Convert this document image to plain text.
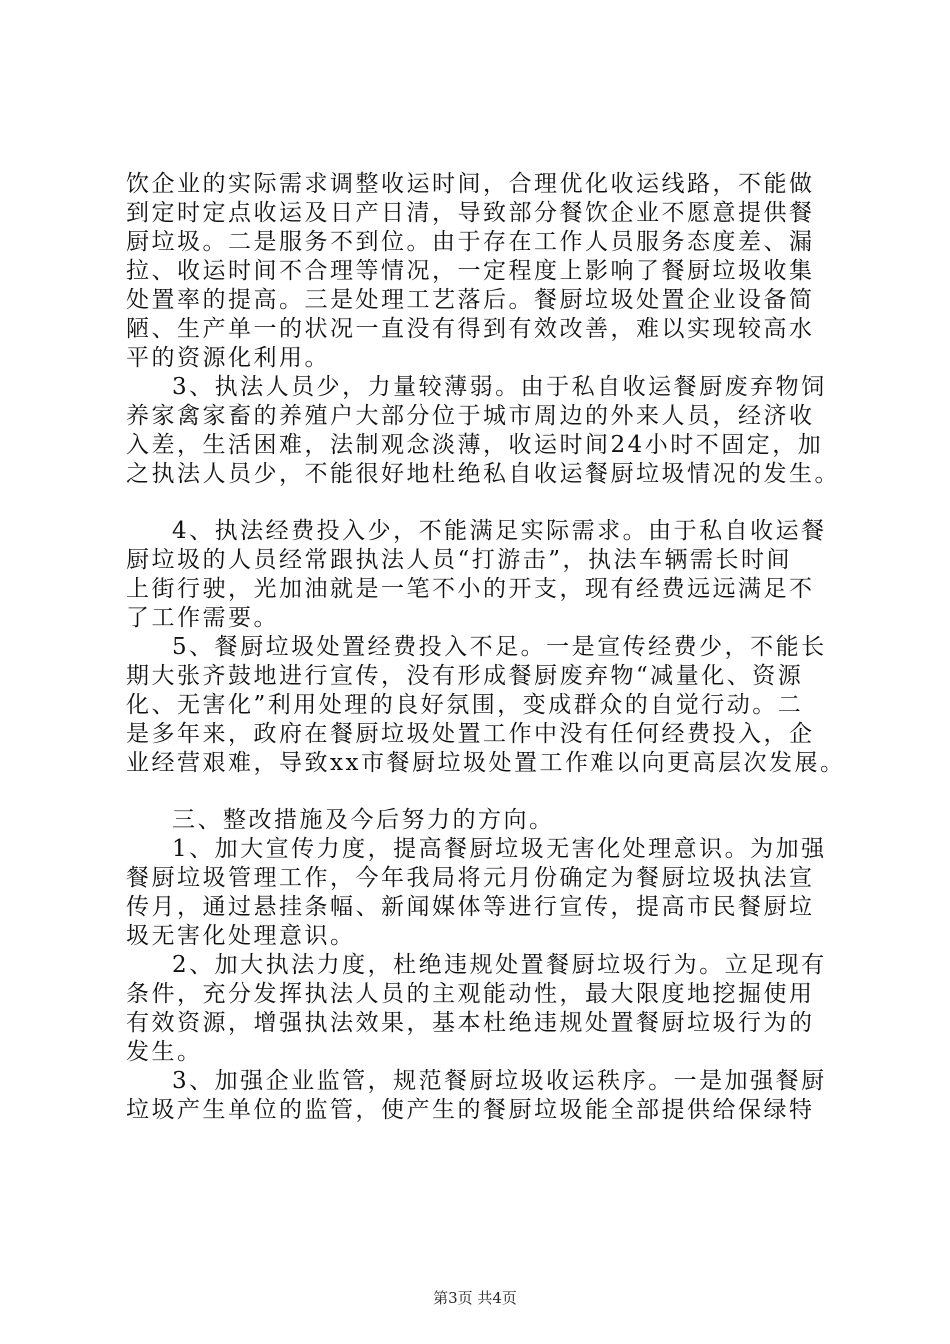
饮企业的实际需求调整收运时间，合理优化收运线路，不能做
到定时定点收运及日产日清，导致部分餐饮企业不愿意提供餐
厨垃圾。二是服务不到位。由于存在工作人员服务态度差、漏
拉、收运时间不合理等情况，一定程度上影响了餐厨垃圾收集
处置率的提高。三是处理工艺落后。餐厨垃圾处置企业设备简
陋、生产单一的状况一直没有得到有效改善，难以实现较高水
平的资源化利用。
3、执法人员少，力量较薄弱。由于私自收运餐厨废弃物饲
养家禽家畜的养殖户大部分位于城市周边的外来人员，经济收
入差，生活困难，法制观念淡薄，收运时间24小时不固定，加
之执法人员少，不能很好地杜绝私自收运餐厨垃圾情况的发生。
4、执法经费投入少，不能满足实际需求。由于私自收运餐
厨垃圾的人员经常跟执法人员“打游击”，执法车辆需长时间
上街行驶，光加油就是一笔不小的开支，现有经费远远满足不
了工作需要。
5、餐厨垃圾处置经费投入不足。一是宣传经费少，不能长
期大张齐鼓地进行宣传，没有形成餐厨废弃物“减量化、资源
化、无害化”利用处理的良好氛围，变成群众的自觉行动。二
是多年来，政府在餐厨垃圾处置工作中没有任何经费投入，企
业经营艰难，导致xx市餐厨垃圾处置工作难以向更高层次发展。
三、整改措施及今后努力的方向。
1、加大宣传力度，提高餐厨垃圾无害化处理意识。为加强
餐厨垃圾管理工作，今年我局将元月份确定为餐厨垃圾执法宣
传月，通过悬挂条幅、新闻媒体等进行宣传，提高市民餐厨垃
圾无害化处理意识。
2、加大执法力度，杜绝违规处置餐厨垃圾行为。立足现有
条件，充分发挥执法人员的主观能动性，最大限度地挖掘使用
有效资源，增强执法效果，基本杜绝违规处置餐厨垃圾行为的
发生。
3、加强企业监管，规范餐厨垃圾收运秩序。一是加强餐厨
垃圾产生单位的监管，使产生的餐厨垃圾能全部提供给保绿特
第3页 共4页
